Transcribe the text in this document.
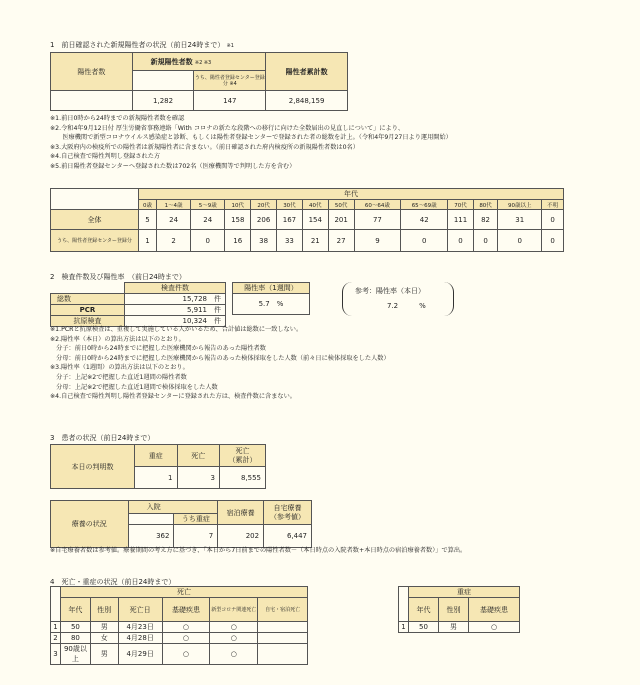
1　前日確認された新規陽性者の状況（前日24時まで） ※1
陽性者数	新規陽性者数 ※2 ※3		陽性者累計数
		うち、陽性者登録センター登録分 ※4	
	1,282	147	2,848,159
※1.前日0時から24時までの新規陽性者数を確認
※2.令和4年9月12日付 厚生労働省事務連絡「With コロナの新たな段階への移行に向けた全数届出の見直しについて」により、
　　医療機関で新型コロナウイルス感染症と診断、もしくは陽性者登録センターで登録された者の総数を計上。（令和4年9月27日より運用開始）
※3.大阪府内の検疫所での陽性者は新規陽性者に含まない。（前日確認された府内検疫所の新規陽性者数は0名）
※4.自己検査で陽性判明し登録された方
※5.前日陽性者登録センターへ登録された数は702名（医療機関等で判明した方を含む）
	年代													
	0歳	1～4歳	5～9歳	10代	20代	30代	40代	50代	60～64歳	65～69歳	70代	80代	90歳以上	不明
全体	5	24	24	158	206	167	154	201	77	42	111	82	31	0
うち、陽性者登録センター登録分	1	2	0	16	38	33	21	27	9	0	0	0	0	0
2　検査件数及び陽性率　（前日24時まで）
	検査件数
総数	15,728　 件
PCR	5,911　 件
抗原検査	10,324　 件
陽性率（1週間）
5.7　 %
参考：陽性率（本日）
7.2　　　	%
※1.PCRと抗原検査は、重複して実施している人がいるため、合計値は総数に一致しない。
※2.陽性率（本日）の算出方法は以下のとおり。
　分子：前日0時から24時までに把握した医療機関から報告のあった陽性者数
　分母：前日0時から24時までに把握した医療機関から報告のあった検体採取をした人数（前々日に検体採取をした人数）
※3.陽性率（1週間）の算出方法は以下のとおり。
　分子：上記※2で把握した直近1週間の陽性者数
　分母：上記※2で把握した直近1週間で検体採取をした人数
※4.自己検査で陽性判明し陽性者登録センターに登録された方は、検査件数に含まない。
3　患者の状況（前日24時まで）
本日の判明数	重症	死亡	死亡
（累計）
	1	3	8,555
療養の状況	入院		宿泊療養	自宅療養
（参考値）
		うち重症		
	362	7	202	6,447
※自宅療養者数は参考値。療養期間の考え方に基づき、「本日から7日前までの陽性者数－（本日時点の入院者数+本日時点の宿泊療養者数）」で算出。
4　死亡・重症の状況（前日24時まで）
	死亡					
	年代	性別	死亡日	基礎疾患	新型コロナ関連死亡	自宅・宿泊死亡
1	50	男	4月23日	○	○	
2	80	女	4月28日	○	○	
3	90歳以上	男	4月29日	○	○	
	重症		
	年代	性別	基礎疾患
1	50	男	○
